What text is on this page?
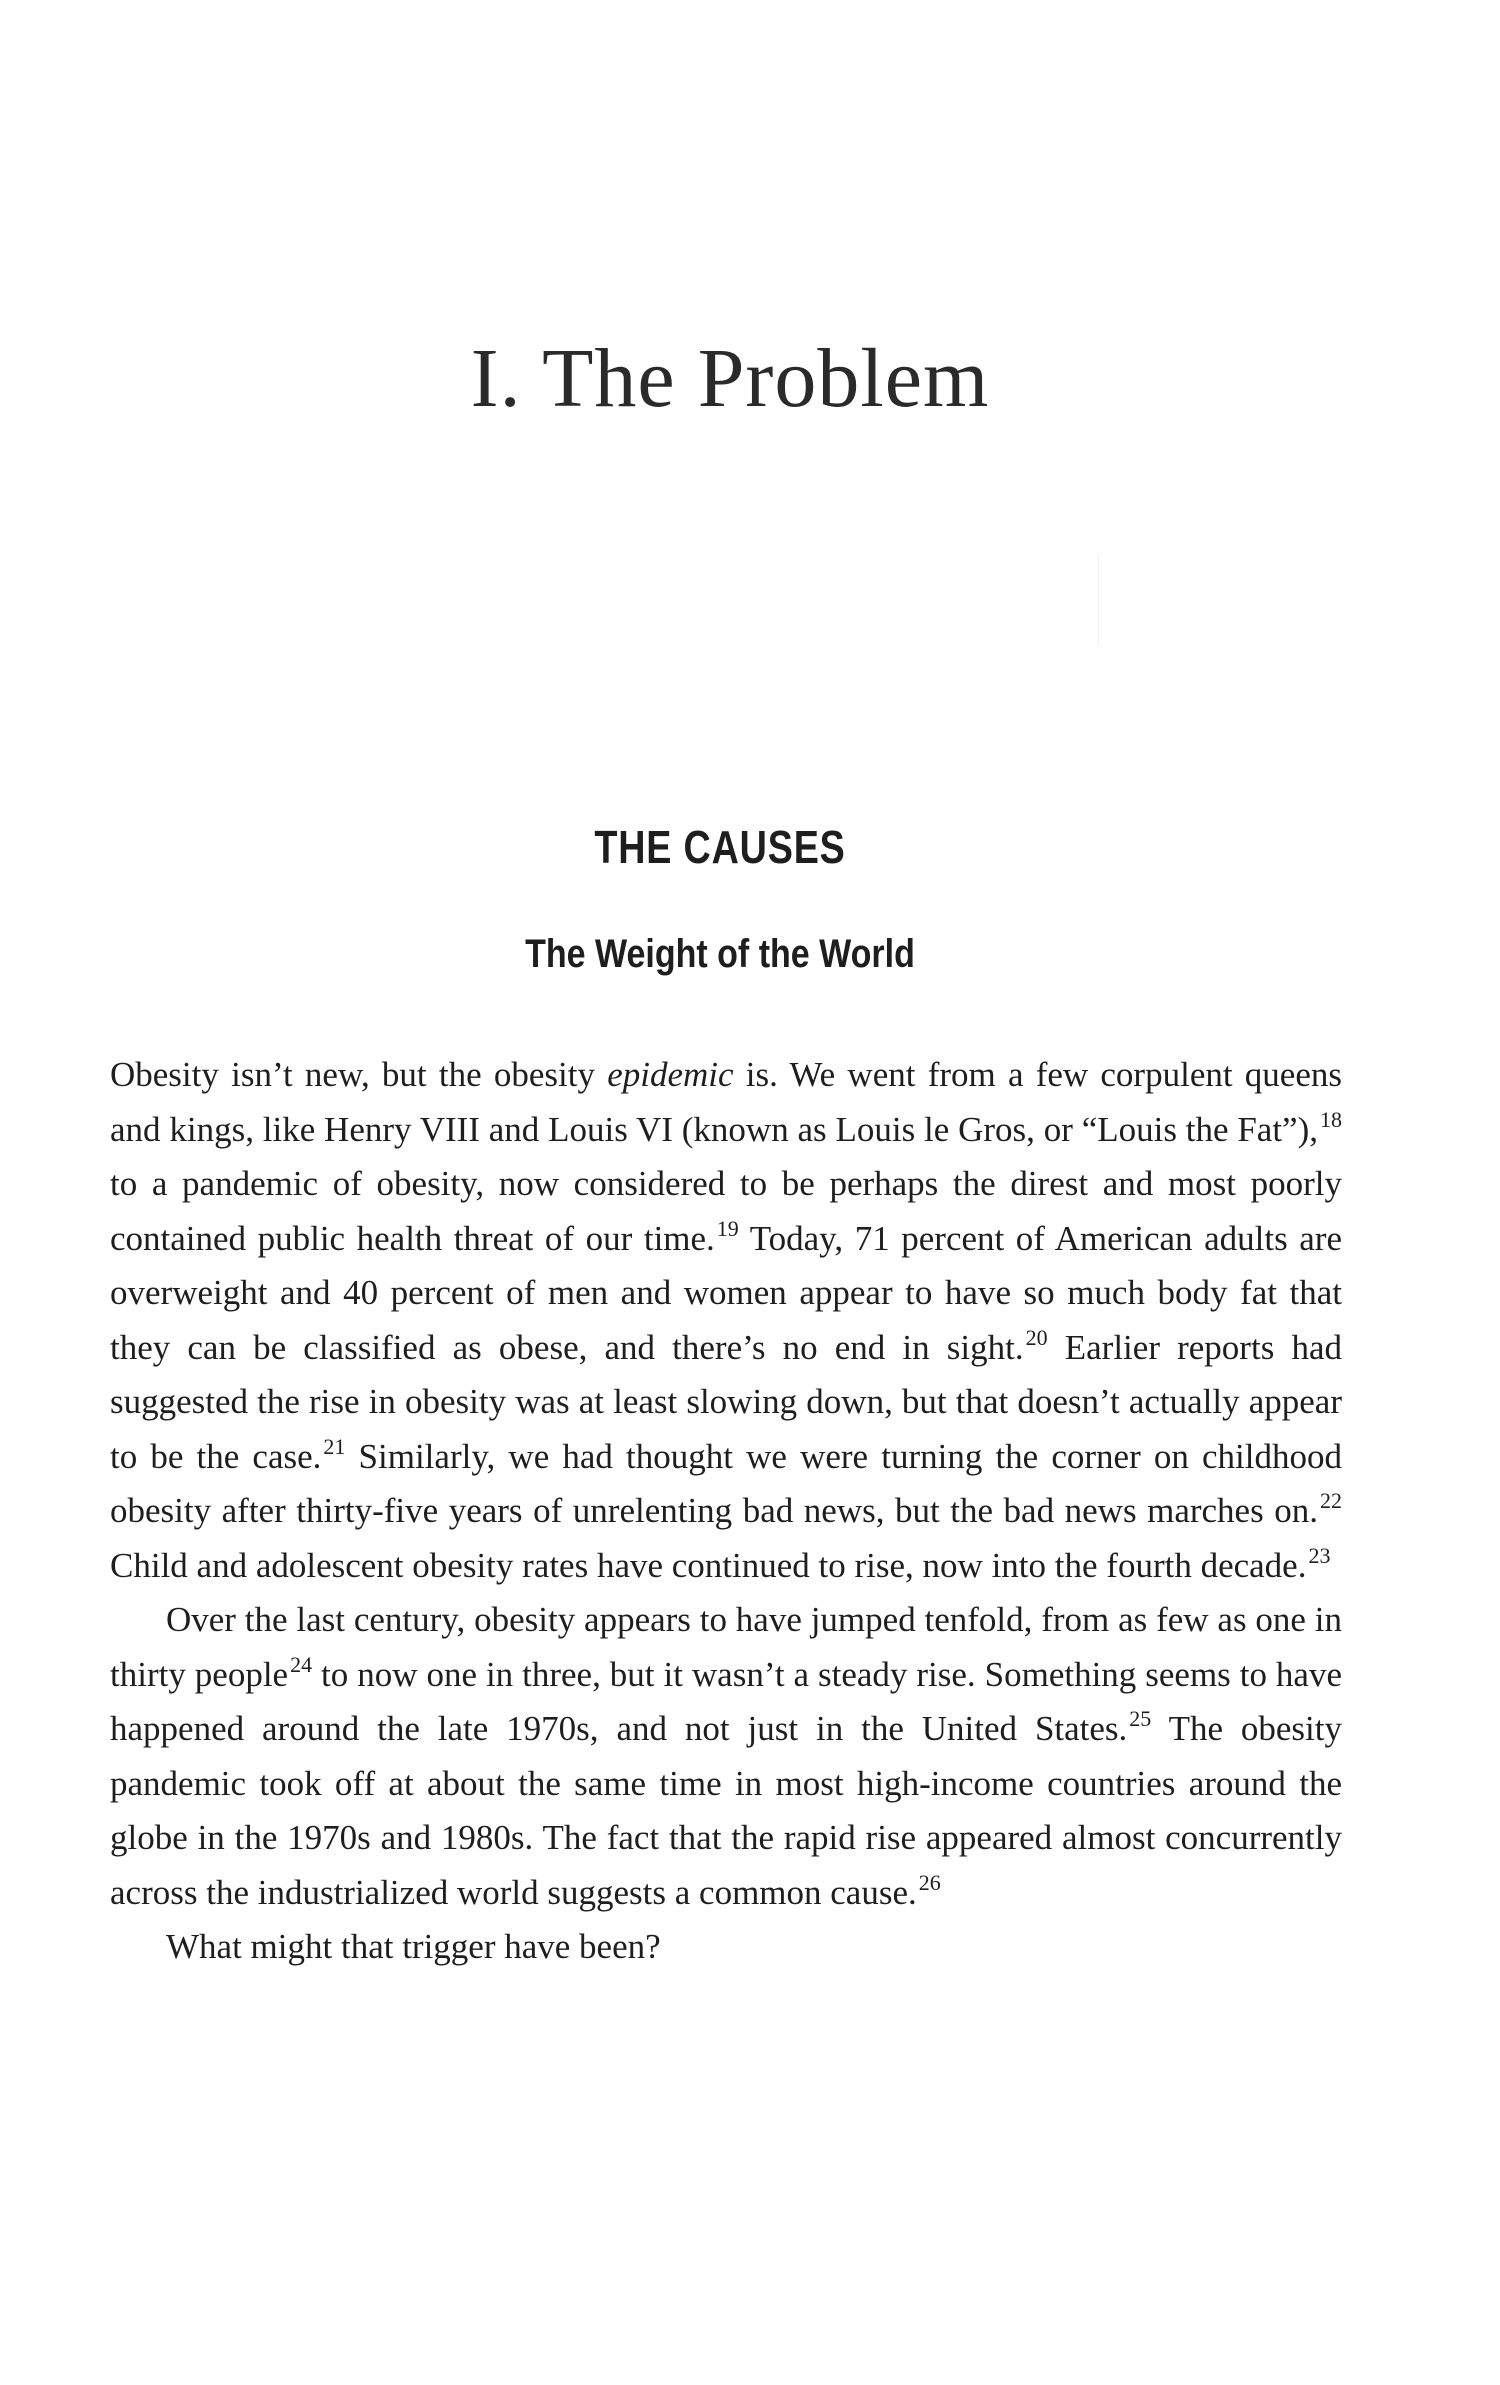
I. The Problem
THE CAUSES
The Weight of the World

Obesity isn’t new, but the obesity epidemic is. We went from a few corpulent queens and kings, like Henry VIII and Louis VI (known as Louis le Gros, or “Louis the Fat”),$^{18}$ to a pandemic of obesity, now considered to be perhaps the direst and most poorly contained public health threat of our time.$^{19}$ Today, 71 percent of American adults are overweight and 40 percent of men and women appear to have so much body fat that they can be classified as obese, and there’s no end in sight.$^{20}$ Earlier reports had suggested the rise in obesity was at least slowing down, but that doesn’t actually appear to be the case.$^{21}$ Similarly, we had thought we were turning the corner on childhood obesity after thirty-five years of unrelenting bad news, but the bad news marches on.$^{22}$ Child and adolescent obesity rates have continued to rise, now into the fourth decade.$^{23}$

Over the last century, obesity appears to have jumped tenfold, from as few as one in thirty people$^{24}$ to now one in three, but it wasn’t a steady rise. Something seems to have happened around the late 1970s, and not just in the United States.$^{25}$ The obesity pandemic took off at about the same time in most high-income countries around the globe in the 1970s and 1980s. The fact that the rapid rise appeared almost concurrently across the industrialized world suggests a common cause.$^{26}$

What might that trigger have been?
